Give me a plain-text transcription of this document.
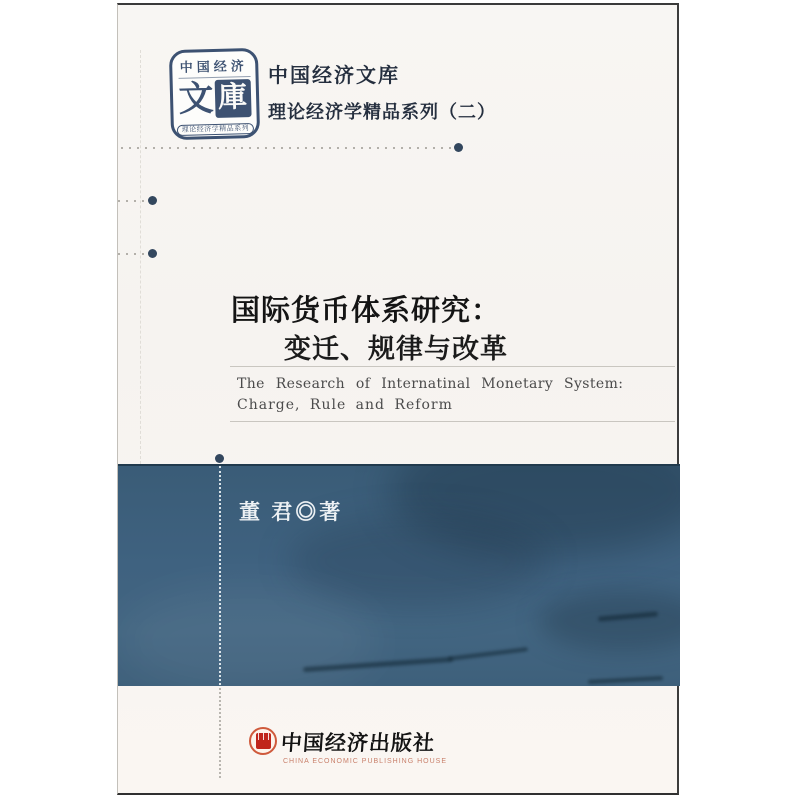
中国经济
文 庫
理论经济学精品系列
中国经济文库
理论经济学精品系列（二）
国际货币体系研究：
变迁、规律与改革
The Research of Internatinal Monetary System:
Charge, Rule and Reform
董 君◎著
中国经济出版社
CHINA ECONOMIC PUBLISHING HOUSE
